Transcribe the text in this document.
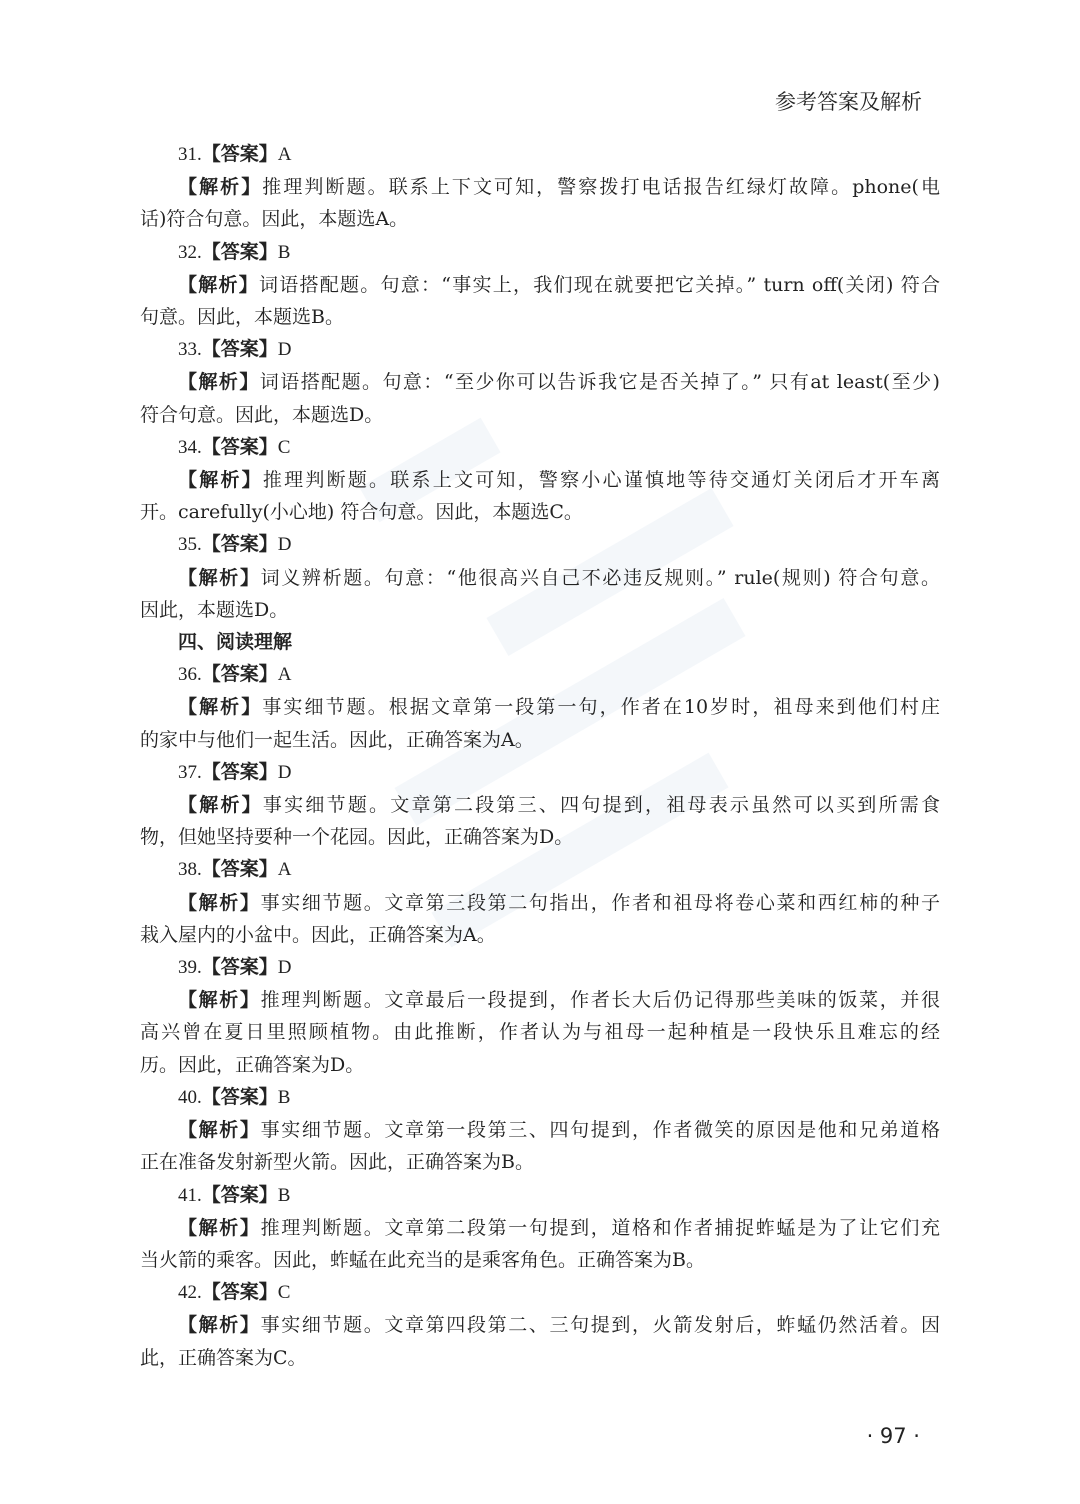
参考答案及解析
31.【答案】A
【解析】推理判断题。联系上下文可知，警察拨打电话报告红绿灯故障。phone(电
话)符合句意。因此，本题选A。
32.【答案】B
【解析】词语搭配题。句意：“事实上，我们现在就要把它关掉。” turn off(关闭) 符合
句意。因此，本题选B。
33.【答案】D
【解析】词语搭配题。句意：“至少你可以告诉我它是否关掉了。” 只有at least(至少)
符合句意。因此，本题选D。
34.【答案】C
【解析】推理判断题。联系上文可知，警察小心谨慎地等待交通灯关闭后才开车离
开。carefully(小心地) 符合句意。因此，本题选C。
35.【答案】D
【解析】词义辨析题。句意：“他很高兴自己不必违反规则。” rule(规则) 符合句意。
因此，本题选D。
四、阅读理解
36.【答案】A
【解析】事实细节题。根据文章第一段第一句，作者在10岁时，祖母来到他们村庄
的家中与他们一起生活。因此，正确答案为A。
37.【答案】D
【解析】事实细节题。文章第二段第三、四句提到，祖母表示虽然可以买到所需食
物，但她坚持要种一个花园。因此，正确答案为D。
38.【答案】A
【解析】事实细节题。文章第三段第二句指出，作者和祖母将卷心菜和西红柿的种子
栽入屋内的小盆中。因此，正确答案为A。
39.【答案】D
【解析】推理判断题。文章最后一段提到，作者长大后仍记得那些美味的饭菜，并很
高兴曾在夏日里照顾植物。由此推断，作者认为与祖母一起种植是一段快乐且难忘的经
历。因此，正确答案为D。
40.【答案】B
【解析】事实细节题。文章第一段第三、四句提到，作者微笑的原因是他和兄弟道格
正在准备发射新型火箭。因此，正确答案为B。
41.【答案】B
【解析】推理判断题。文章第二段第一句提到，道格和作者捕捉蚱蜢是为了让它们充
当火箭的乘客。因此，蚱蜢在此充当的是乘客角色。正确答案为B。
42.【答案】C
【解析】事实细节题。文章第四段第二、三句提到，火箭发射后，蚱蜢仍然活着。因
此，正确答案为C。
· 97 ·
